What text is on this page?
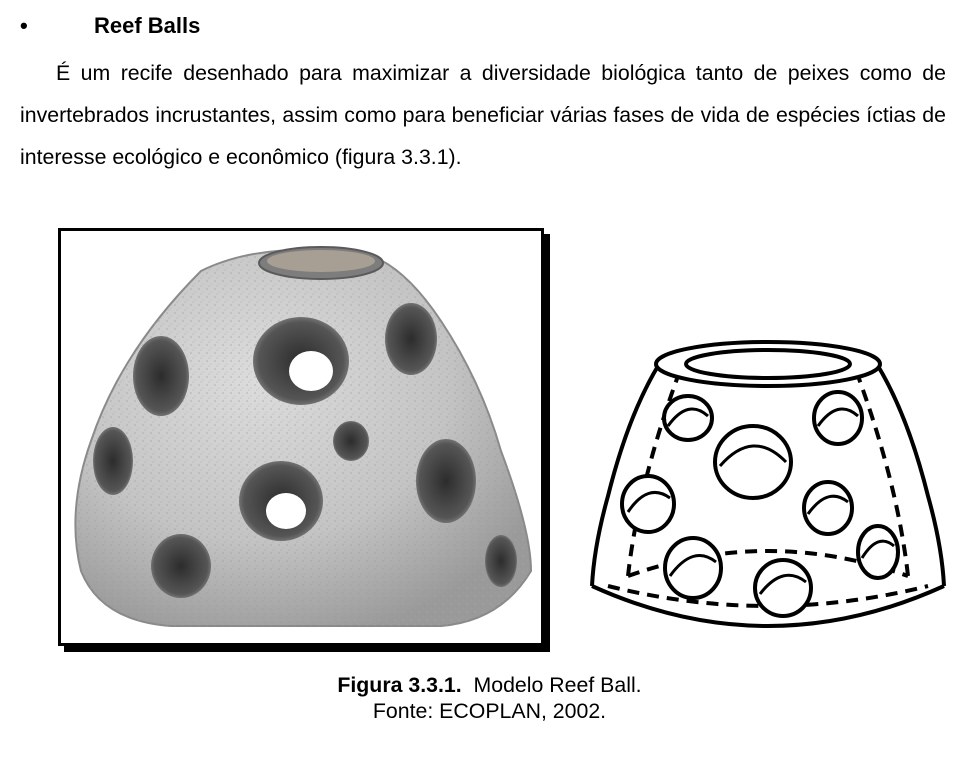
•	Reef Balls

É um recife desenhado para maximizar a diversidade biológica tanto de peixes como de invertebrados incrustantes, assim como para beneficiar várias fases de vida de espécies íctias de interesse ecológico e econômico (figura 3.3.1).

Figura 3.3.1. Modelo Reef Ball.
Fonte: ECOPLAN, 2002.
